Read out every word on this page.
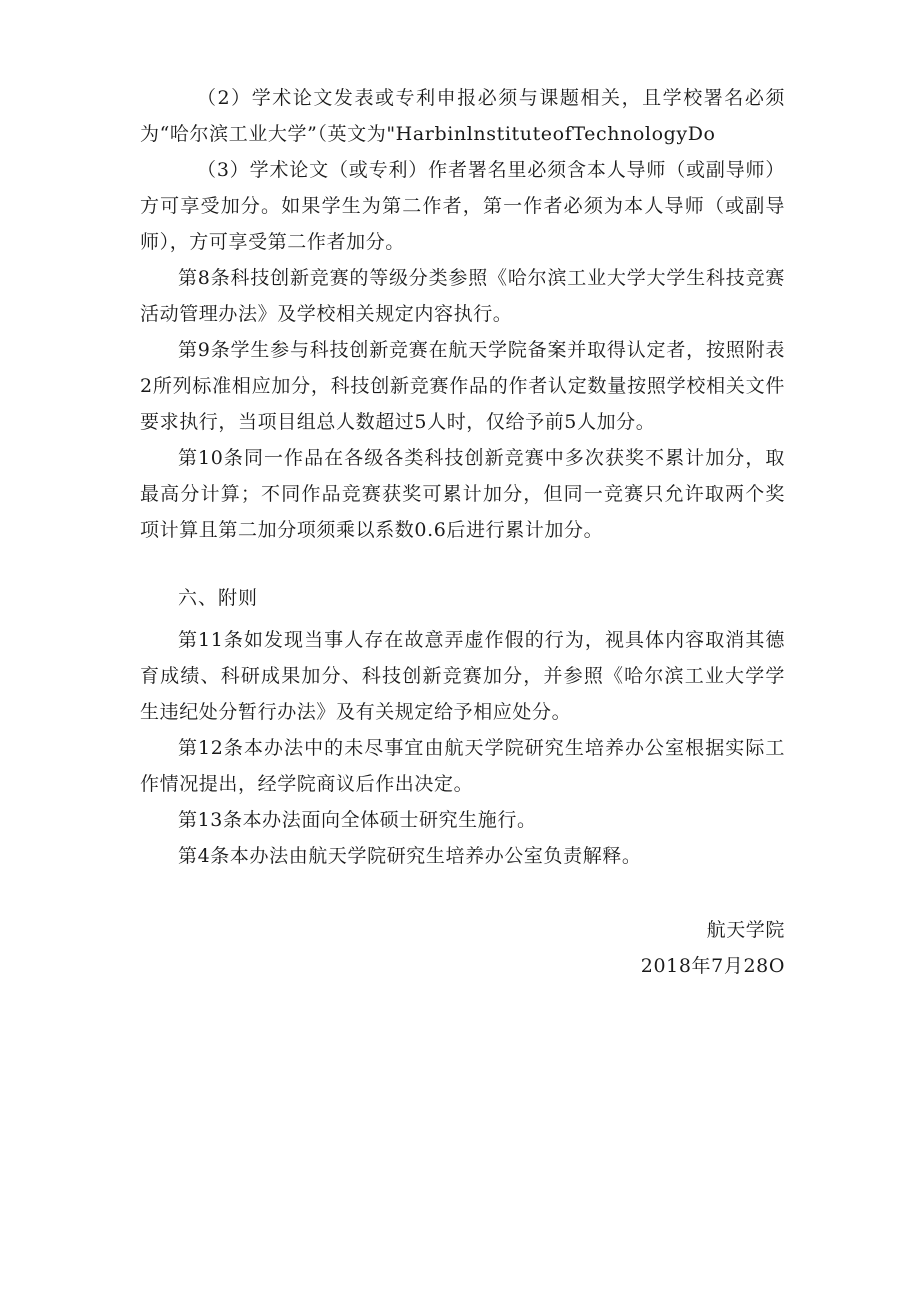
（2）学术论文发表或专利申报必须与课题相关，且学校署名必须为“哈尔滨工业大学”（英文为"HarbinlnstituteofTechnologyDo

（3）学术论文（或专利）作者署名里必须含本人导师（或副导师）方可享受加分。如果学生为第二作者，第一作者必须为本人导师（或副导师），方可享受第二作者加分。

第8条科技创新竞赛的等级分类参照《哈尔滨工业大学大学生科技竞赛活动管理办法》及学校相关规定内容执行。

第9条学生参与科技创新竞赛在航天学院备案并取得认定者，按照附表2所列标准相应加分，科技创新竞赛作品的作者认定数量按照学校相关文件要求执行，当项目组总人数超过5人时，仅给予前5人加分。

第10条同一作品在各级各类科技创新竞赛中多次获奖不累计加分，取最高分计算；不同作品竞赛获奖可累计加分，但同一竞赛只允许取两个奖项计算且第二加分项须乘以系数0.6后进行累计加分。

六、附则

第11条如发现当事人存在故意弄虚作假的行为，视具体内容取消其德育成绩、科研成果加分、科技创新竞赛加分，并参照《哈尔滨工业大学学生违纪处分暂行办法》及有关规定给予相应处分。

第12条本办法中的未尽事宜由航天学院研究生培养办公室根据实际工作情况提出，经学院商议后作出决定。

第13条本办法面向全体硕士研究生施行。

第4条本办法由航天学院研究生培养办公室负责解释。

航天学院
2018年7月28O
